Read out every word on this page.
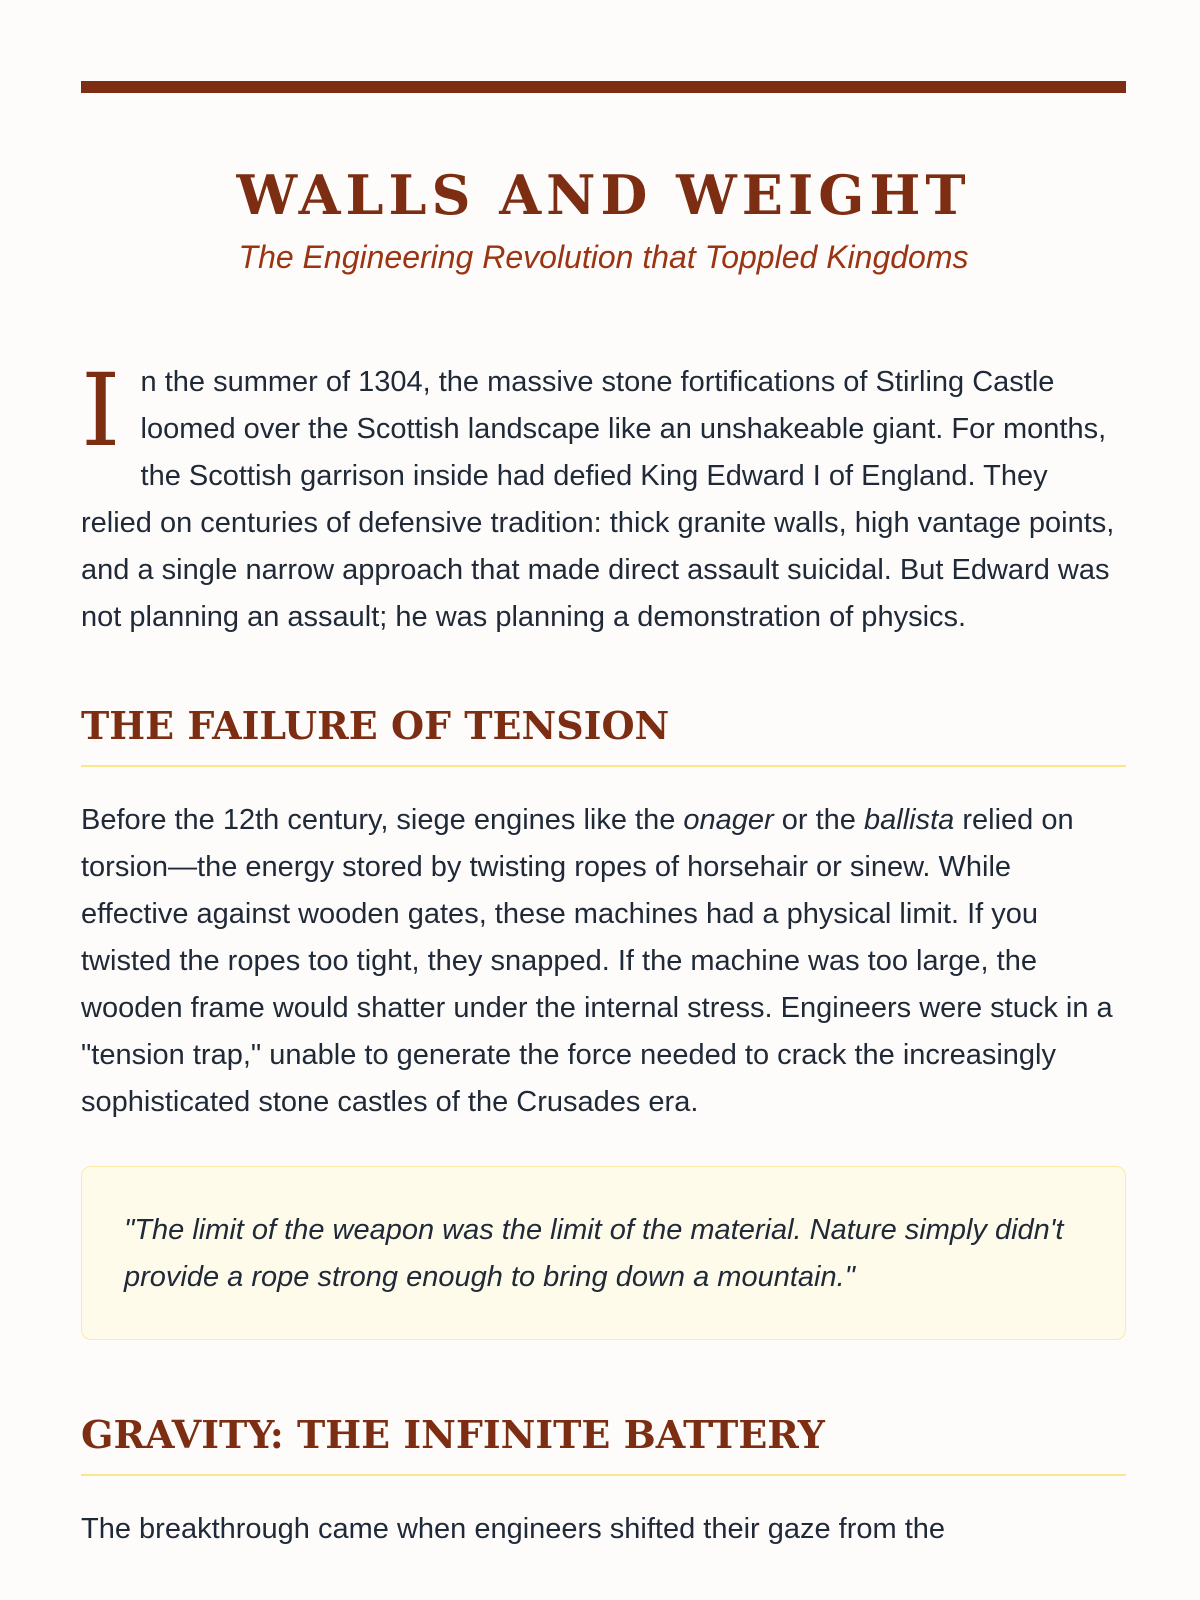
WALLS AND WEIGHT
The Engineering Revolution that Toppled Kingdoms
I n the summer of 1304, the massive stone fortifications of Stirling Castle loomed over the Scottish landscape like an unshakeable giant. For months, the Scottish garrison inside had defied King Edward I of England. They relied on centuries of defensive tradition: thick granite walls, high vantage points, and a single narrow approach that made direct assault suicidal. But Edward was not planning an assault; he was planning a demonstration of physics.

THE FAILURE OF TENSION

Before the 12th century, siege engines like the onager or the ballista relied on torsion—the energy stored by twisting ropes of horsehair or sinew. While effective against wooden gates, these machines had a physical limit. If you twisted the ropes too tight, they snapped. If the machine was too large, the wooden frame would shatter under the internal stress. Engineers were stuck in a "tension trap," unable to generate the force needed to crack the increasingly sophisticated stone castles of the Crusades era.

"The limit of the weapon was the limit of the material. Nature simply didn't provide a rope strong enough to bring down a mountain."

GRAVITY: THE INFINITE BATTERY

The breakthrough came when engineers shifted their gaze from the
